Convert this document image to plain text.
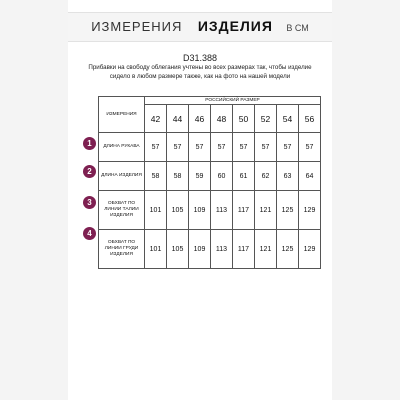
ИЗМЕРЕНИЯ ИЗДЕЛИЯ В СМ
D31.388
Прибавки на свободу облегания учтены во всех размерах так, чтобы изделие сидело в любом размере также, как на фото на нашей модели
ИЗМЕРЕНИЯ	РОССИЙСКИЙ РАЗМЕР							
	42	44	46	48	50	52	54	56
ДЛИНА РУКАВА	57	57	57	57	57	57	57	57
ДЛИНА ИЗДЕЛИЯ	58	58	59	60	61	62	63	64
ОБХВАТ ПО ЛИНИИ ТАЛИИ ИЗДЕЛИЯ	101	105	109	113	117	121	125	129
ОБХВАТ ПО ЛИНИИ ГРУДИ ИЗДЕЛИЯ	101	105	109	113	117	121	125	129
1
2
3
4
